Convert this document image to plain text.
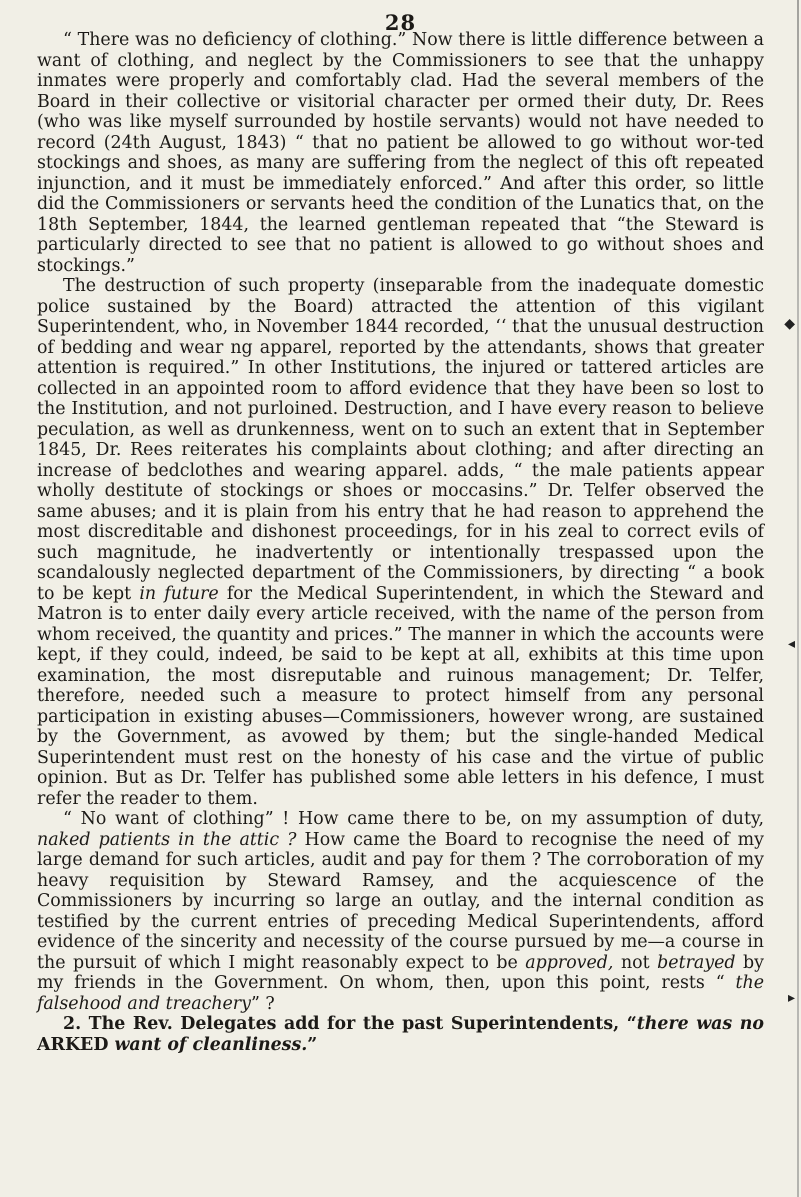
28

“ There was no deficiency of clothing.” Now there is little difference between a want of clothing, and neglect by the Commissioners to see that the unhappy inmates were properly and comfortably clad. Had the several members of the Board in their collective or visitorial character per ormed their duty, Dr. Rees (who was like myself surrounded by hostile servants) would not have needed to record (24th August, 1843) “ that no patient be allowed to go without wor-ted stockings and shoes, as many are suffering from the neglect of this oft repeated injunction, and it must be immediately enforced.” And after this order, so little did the Commissioners or servants heed the condition of the Lunatics that, on the 18th September, 1844, the learned gentleman repeated that “the Steward is particularly directed to see that no patient is allowed to go without shoes and stockings.”

The destruction of such property (inseparable from the inadequate domestic police sustained by the Board) attracted the attention of this vigilant Superintendent, who, in November 1844 recorded, ‘‘ that the unusual destruction of bedding and wear ng apparel, reported by the attendants, shows that greater attention is required.” In other Institutions, the injured or tattered articles are collected in an appointed room to afford evidence that they have been so lost to the Institution, and not purloined. Destruction, and I have every reason to believe peculation, as well as drunkenness, went on to such an extent that in September 1845, Dr. Rees reiterates his complaints about clothing; and after directing an increase of bedclothes and wearing apparel. adds, “ the male patients appear wholly destitute of stockings or shoes or moccasins.” Dr. Telfer observed the same abuses; and it is plain from his entry that he had reason to apprehend the most discreditable and dishonest proceedings, for in his zeal to correct evils of such magnitude, he inadvertently or intentionally trespassed upon the scandalously neglected department of the Commissioners, by directing “ a book to be kept in future for the Medical Superintendent, in which the Steward and Matron is to enter daily every article received, with the name of the person from whom received, the quantity and prices.” The manner in which the accounts were kept, if they could, indeed, be said to be kept at all, exhibits at this time upon examination, the most disreputable and ruinous management; Dr. Telfer, therefore, needed such a measure to protect himself from any personal participation in existing abuses—Commissioners, however wrong, are sustained by the Government, as avowed by them; but the single-handed Medical Superintendent must rest on the honesty of his case and the virtue of public opinion. But as Dr. Telfer has published some able letters in his defence, I must refer the reader to them.

“ No want of clothing” ! How came there to be, on my assumption of duty, naked patients in the attic ? How came the Board to recognise the need of my large demand for such articles, audit and pay for them ? The corroboration of my heavy requisition by Steward Ramsey, and the acquiescence of the Commissioners by incurring so large an outlay, and the internal condition as testified by the current entries of preceding Medical Superintendents, afford evidence of the sincerity and necessity of the course pursued by me—a course in the pursuit of which I might reasonably expect to be approved, not betrayed by my friends in the Government. On whom, then, upon this point, rests “ the falsehood and treachery” ?

2. The Rev. Delegates add for the past Superintendents, “there was no ARKED want of cleanliness.”

◆
◂
▸
